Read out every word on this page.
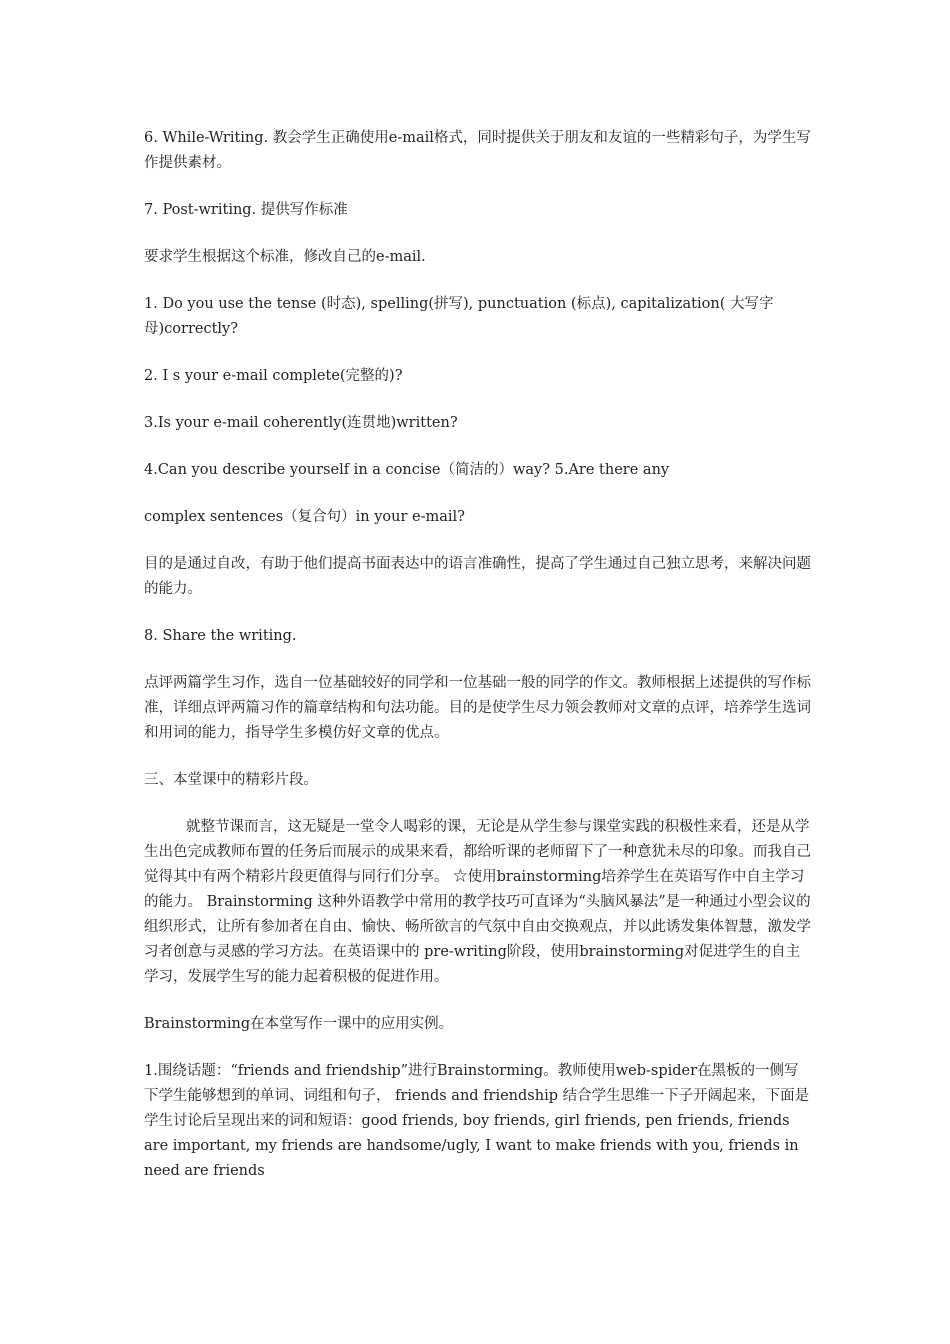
6. While-Writing. 教会学生正确使用e-mail格式，同时提供关于朋友和友谊的一些精彩句子，为学生写作提供素材。

7. Post-writing. 提供写作标准

要求学生根据这个标准，修改自己的e-mail.

1. Do you use the tense (时态), spelling(拼写), punctuation (标点), capitalization( 大写字母)correctly?

2. I s your e-mail complete(完整的)?

3.Is your e-mail coherently(连贯地)written?

4.Can you describe yourself in a concise（简洁的）way? 5.Are there any

complex sentences（复合句）in your e-mail?

目的是通过自改，有助于他们提高书面表达中的语言准确性，提高了学生通过自己独立思考，来解决问题的能力。

8. Share the writing.

点评两篇学生习作，选自一位基础较好的同学和一位基础一般的同学的作文。教师根据上述提供的写作标准，详细点评两篇习作的篇章结构和句法功能。目的是使学生尽力领会教师对文章的点评，培养学生选词和用词的能力，指导学生多模仿好文章的优点。

三、本堂课中的精彩片段。

就整节课而言，这无疑是一堂令人喝彩的课，无论是从学生参与课堂实践的积极性来看，还是从学生出色完成教师布置的任务后而展示的成果来看，都给听课的老师留下了一种意犹未尽的印象。而我自己觉得其中有两个精彩片段更值得与同行们分享。 ☆使用brainstorming培养学生在英语写作中自主学习的能力。 Brainstorming 这种外语教学中常用的教学技巧可直译为“头脑风暴法”是一种通过小型会议的组织形式，让所有参加者在自由、愉快、畅所欲言的气氛中自由交换观点，并以此诱发集体智慧，激发学习者创意与灵感的学习方法。在英语课中的 pre-writing阶段，使用brainstorming对促进学生的自主学习，发展学生写的能力起着积极的促进作用。

Brainstorming在本堂写作一课中的应用实例。

1.围绕话题：“friends and friendship”进行Brainstorming。教师使用web-spider在黑板的一侧写下学生能够想到的单词、词组和句子， friends and friendship 结合学生思维一下子开阔起来，下面是学生讨论后呈现出来的词和短语：good friends, boy friends, girl friends, pen friends, friends are important, my friends are handsome/ugly, I want to make friends with you, friends in need are friends
